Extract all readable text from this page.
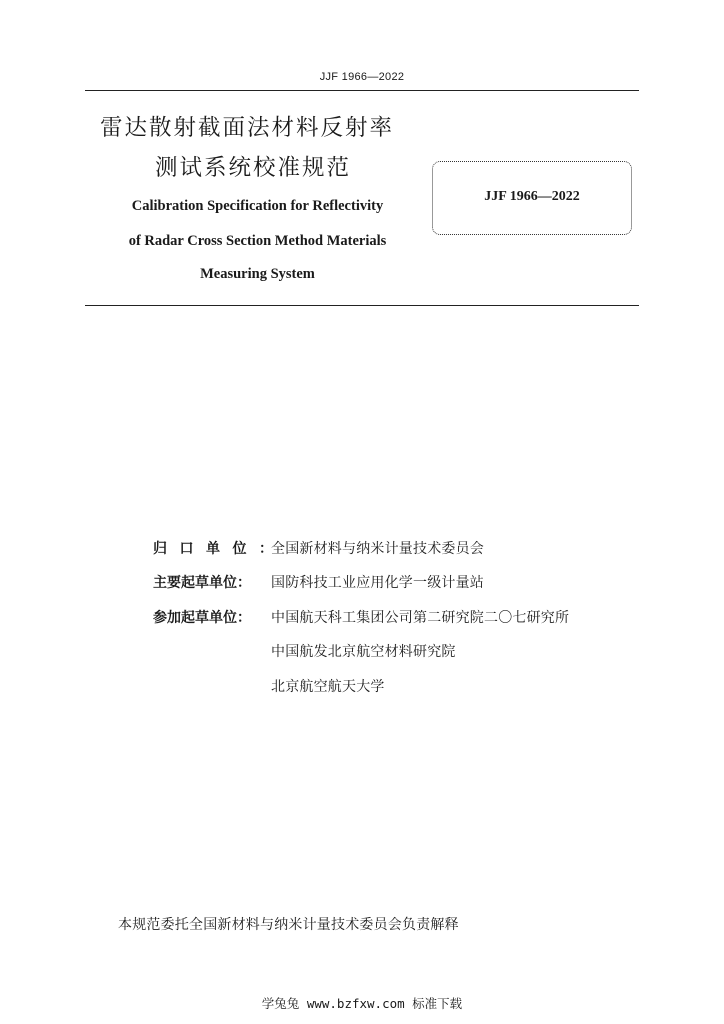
JJF 1966—2022
雷达散射截面法材料反射率
测试系统校准规范
Calibration Specification for Reflectivity
of Radar Cross Section Method Materials
Measuring System
JJF 1966—2022
归口单位：全国新材料与纳米计量技术委员会
主要起草单位： 国防科技工业应用化学一级计量站
参加起草单位： 中国航天科工集团公司第二研究院二〇七研究所
中国航发北京航空材料研究院
北京航空航天大学
本规范委托全国新材料与纳米计量技术委员会负责解释
学兔兔 www.bzfxw.com 标准下载
